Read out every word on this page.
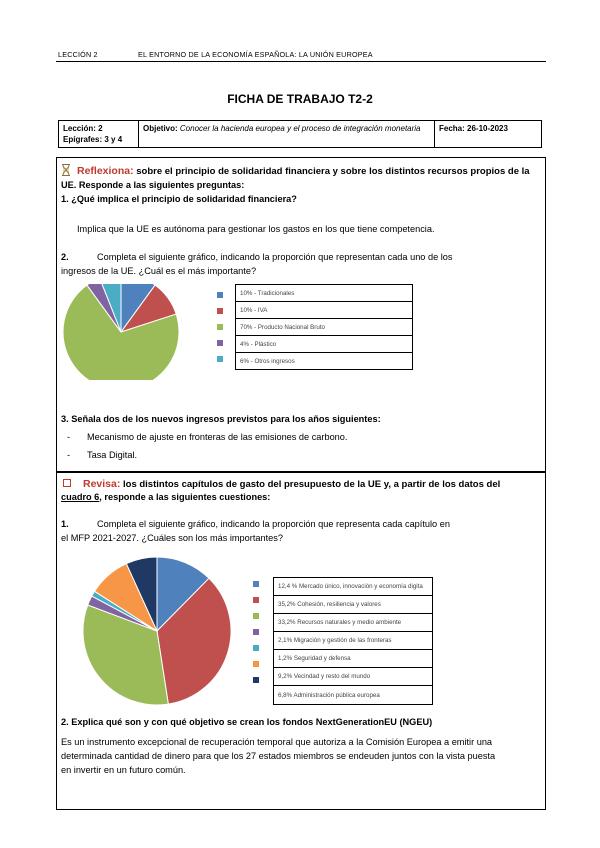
LECCIÓN 2	EL ENTORNO DE LA ECONOMÍA ESPAÑOLA: LA UNIÓN EUROPEA
FICHA DE TRABAJO T2-2
Lección: 2
Epígrafes: 3 y 4
Objetivo: Conocer la hacienda europea y el proceso de integración monetaria	Fecha: 26-10-2023
Reflexiona: sobre el principio de solidaridad financiera y sobre los distintos recursos propios de la
UE. Responde a las siguientes preguntas:
1. ¿Qué implica el principio de solidaridad financiera?
Implica que la UE es autónoma para gestionar los gastos en los que tiene competencia.
2.	Completa el siguiente gráfico, indicando la proporción que representan cada uno de los
ingresos de la UE. ¿Cuál es el más importante?
10% - Tradicionales
10% - IVA
70% - Producto Nacional Bruto
4% - Plástico
6% - Otros ingresos
3. Señala dos de los nuevos ingresos previstos para los años siguientes:
- Mecanismo de ajuste en fronteras de las emisiones de carbono.
- Tasa Digital.
Revisa: los distintos capítulos de gasto del presupuesto de la UE y, a partir de los datos del
cuadro 6, responde a las siguientes cuestiones:
1.	Completa el siguiente gráfico, indicando la proporción que representa cada capítulo en
el MFP 2021-2027. ¿Cuáles son los más importantes?
12,4 % Mercado único, innovación y economía digita
35,2% Cohesión, resiliencia y valores
33,2% Recursos naturales y medio ambiente
2,1% Migración y gestión de las fronteras
1,2% Seguridad y defensa
9,2% Vecindad y resto del mundo
6,8% Administración pública europea
2. Explica qué son y con qué objetivo se crean los fondos NextGenerationEU (NGEU)
Es un instrumento excepcional de recuperación temporal que autoriza a la Comisión Europea a emitir una
determinada cantidad de dinero para que los 27 estados miembros se endeuden juntos con la vista puesta
en invertir en un futuro común.
